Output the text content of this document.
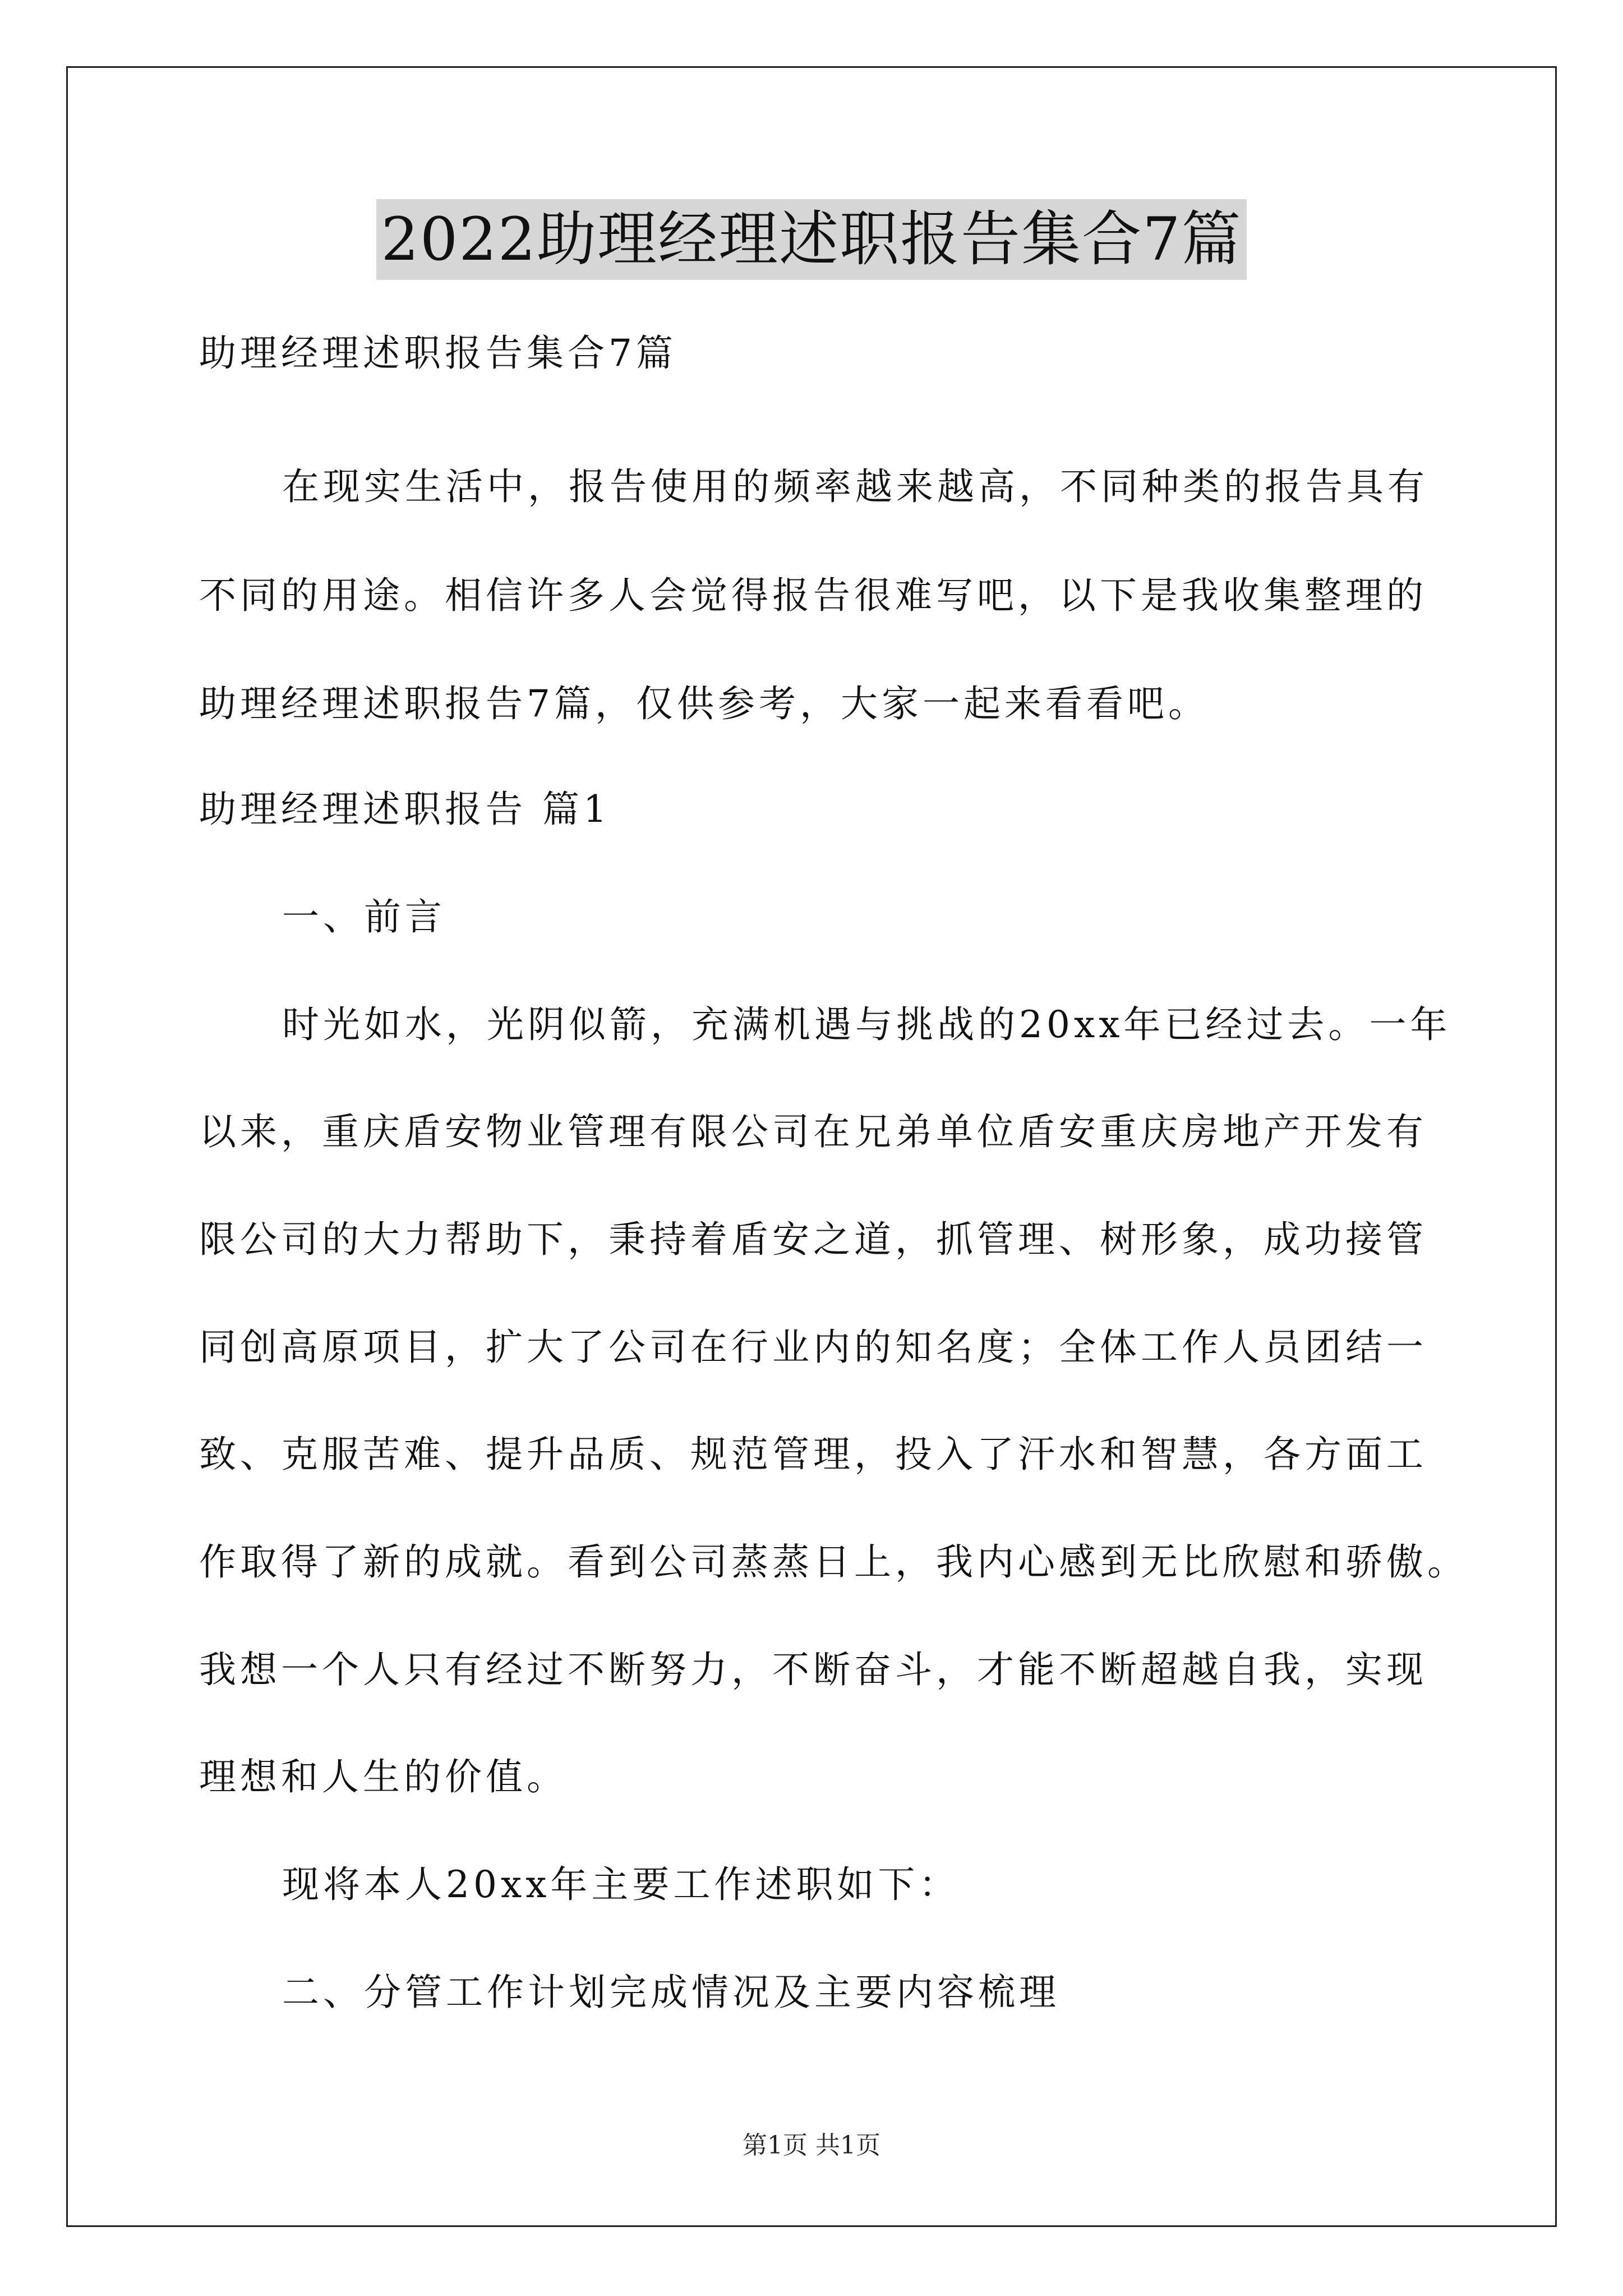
2022助理经理述职报告集合7篇
助理经理述职报告集合7篇
在现实生活中，报告使用的频率越来越高，不同种类的报告具有
不同的用途。相信许多人会觉得报告很难写吧，以下是我收集整理的
助理经理述职报告7篇，仅供参考，大家一起来看看吧。
助理经理述职报告 篇1
一、前言
时光如水，光阴似箭，充满机遇与挑战的20xx年已经过去。一年
以来，重庆盾安物业管理有限公司在兄弟单位盾安重庆房地产开发有
限公司的大力帮助下，秉持着盾安之道，抓管理、树形象，成功接管
同创高原项目，扩大了公司在行业内的知名度；全体工作人员团结一
致、克服苦难、提升品质、规范管理，投入了汗水和智慧，各方面工
作取得了新的成就。看到公司蒸蒸日上，我内心感到无比欣慰和骄傲。
我想一个人只有经过不断努力，不断奋斗，才能不断超越自我，实现
理想和人生的价值。
现将本人20xx年主要工作述职如下：
二、分管工作计划完成情况及主要内容梳理
第1页 共1页
